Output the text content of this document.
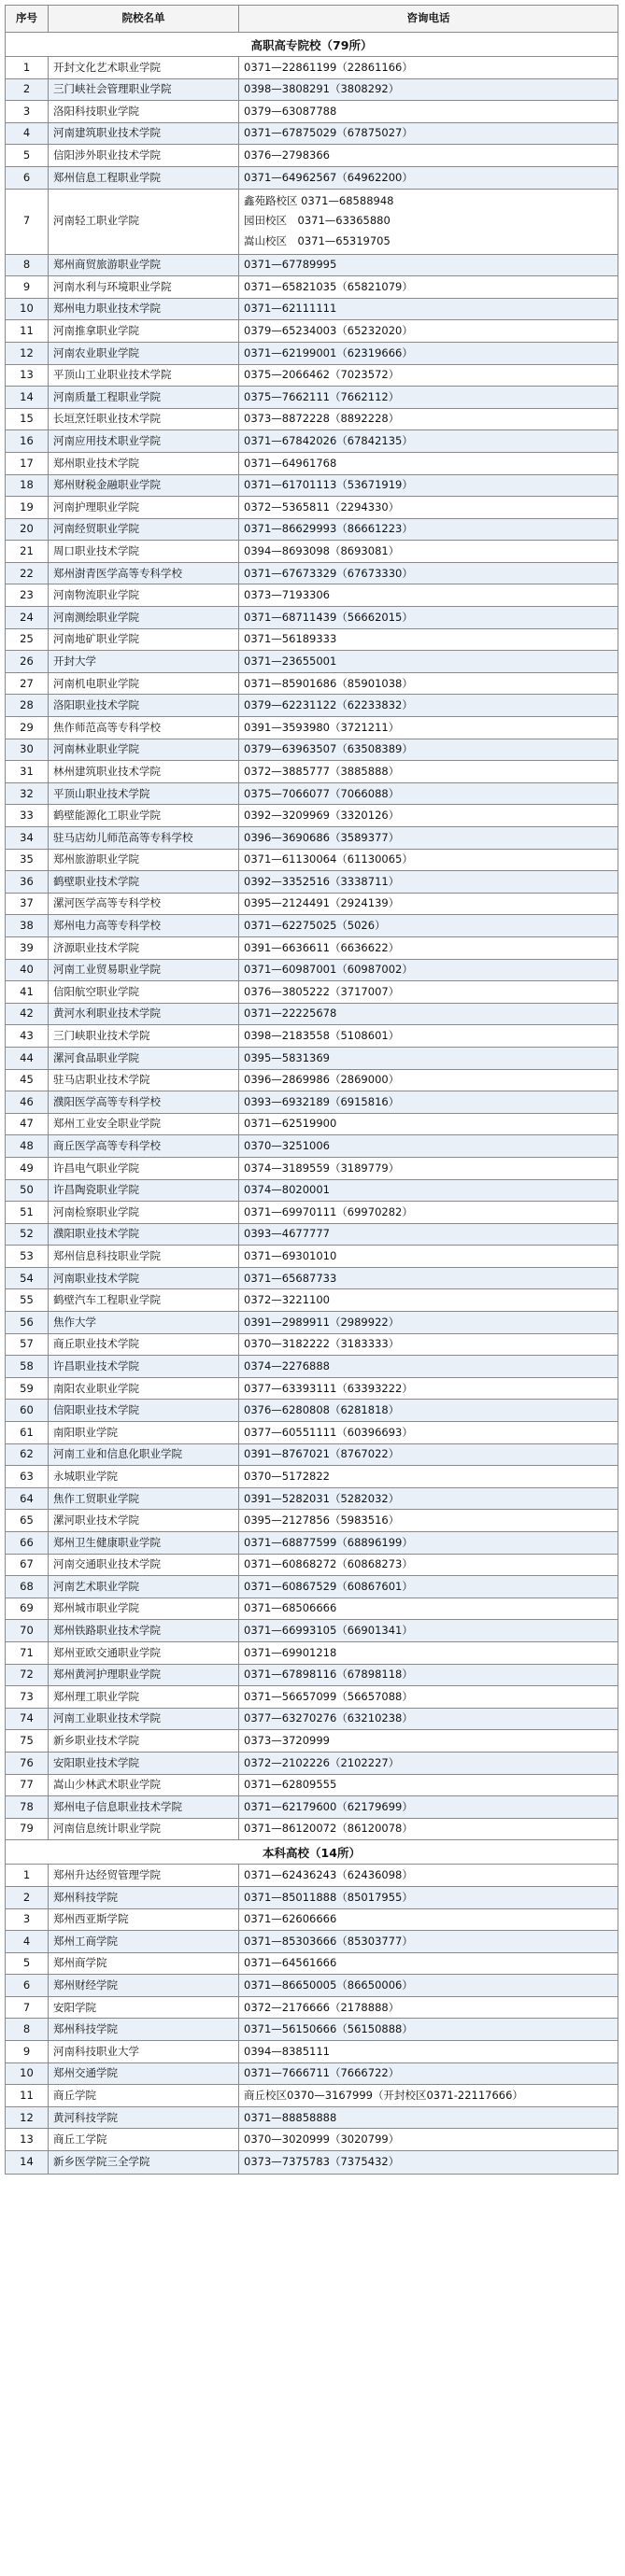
序号	院校名单	咨询电话
高职高专院校（79所）
1	开封文化艺术职业学院	0371—22861199（22861166）
2	三门峡社会管理职业学院	0398—3808291（3808292）
3	洛阳科技职业学院	0379—63087788
4	河南建筑职业技术学院	0371—67875029（67875027）
5	信阳涉外职业技术学院	0376—2798366
6	郑州信息工程职业学院	0371—64962567（64962200）
7	河南轻工职业学院
鑫苑路校区 0371—68588948
园田校区　0371—63365880
嵩山校区　0371—65319705
8	郑州商贸旅游职业学院	0371—67789995
9	河南水利与环境职业学院	0371—65821035（65821079）
10	郑州电力职业技术学院	0371—62111111
11	河南推拿职业学院	0379—65234003（65232020）
12	河南农业职业学院	0371—62199001（62319666）
13	平顶山工业职业技术学院	0375—2066462（7023572）
14	河南质量工程职业学院	0375—7662111（7662112）
15	长垣烹饪职业技术学院	0373—8872228（8892228）
16	河南应用技术职业学院	0371—67842026（67842135）
17	郑州职业技术学院	0371—64961768
18	郑州财税金融职业学院	0371—61701113（53671919）
19	河南护理职业学院	0372—5365811（2294330）
20	河南经贸职业学院	0371—86629993（86661223）
21	周口职业技术学院	0394—8693098（8693081）
22	郑州澍青医学高等专科学校	0371—67673329（67673330）
23	河南物流职业学院	0373—7193306
24	河南测绘职业学院	0371—68711439（56662015）
25	河南地矿职业学院	0371—56189333
26	开封大学	0371—23655001
27	河南机电职业学院	0371—85901686（85901038）
28	洛阳职业技术学院	0379—62231122（62233832）
29	焦作师范高等专科学校	0391—3593980（3721211）
30	河南林业职业学院	0379—63963507（63508389）
31	林州建筑职业技术学院	0372—3885777（3885888）
32	平顶山职业技术学院	0375—7066077（7066088）
33	鹤壁能源化工职业学院	0392—3209969（3320126）
34	驻马店幼儿师范高等专科学校	0396—3690686（3589377）
35	郑州旅游职业学院	0371—61130064（61130065）
36	鹤壁职业技术学院	0392—3352516（3338711）
37	漯河医学高等专科学校	0395—2124491（2924139）
38	郑州电力高等专科学校	0371—62275025（5026）
39	济源职业技术学院	0391—6636611（6636622）
40	河南工业贸易职业学院	0371—60987001（60987002）
41	信阳航空职业学院	0376—3805222（3717007）
42	黄河水利职业技术学院	0371—22225678
43	三门峡职业技术学院	0398—2183558（5108601）
44	漯河食品职业学院	0395—5831369
45	驻马店职业技术学院	0396—2869986（2869000）
46	濮阳医学高等专科学校	0393—6932189（6915816）
47	郑州工业安全职业学院	0371—62519900
48	商丘医学高等专科学校	0370—3251006
49	许昌电气职业学院	0374—3189559（3189779）
50	许昌陶瓷职业学院	0374—8020001
51	河南检察职业学院	0371—69970111（69970282）
52	濮阳职业技术学院	0393—4677777
53	郑州信息科技职业学院	0371—69301010
54	河南职业技术学院	0371—65687733
55	鹤壁汽车工程职业学院	0372—3221100
56	焦作大学	0391—2989911（2989922）
57	商丘职业技术学院	0370—3182222（3183333）
58	许昌职业技术学院	0374—2276888
59	南阳农业职业学院	0377—63393111（63393222）
60	信阳职业技术学院	0376—6280808（6281818）
61	南阳职业学院	0377—60551111（60396693）
62	河南工业和信息化职业学院	0391—8767021（8767022）
63	永城职业学院	0370—5172822
64	焦作工贸职业学院	0391—5282031（5282032）
65	漯河职业技术学院	0395—2127856（5983516）
66	郑州卫生健康职业学院	0371—68877599（68896199）
67	河南交通职业技术学院	0371—60868272（60868273）
68	河南艺术职业学院	0371—60867529（60867601）
69	郑州城市职业学院	0371—68506666
70	郑州铁路职业技术学院	0371—66993105（66901341）
71	郑州亚欧交通职业学院	0371—69901218
72	郑州黄河护理职业学院	0371—67898116（67898118）
73	郑州理工职业学院	0371—56657099（56657088）
74	河南工业职业技术学院	0377—63270276（63210238）
75	新乡职业技术学院	0373—3720999
76	安阳职业技术学院	0372—2102226（2102227）
77	嵩山少林武术职业学院	0371—62809555
78	郑州电子信息职业技术学院	0371—62179600（62179699）
79	河南信息统计职业学院	0371—86120072（86120078）
本科高校（14所）
1	郑州升达经贸管理学院	0371—62436243（62436098）
2	郑州科技学院	0371—85011888（85017955）
3	郑州西亚斯学院	0371—62606666
4	郑州工商学院	0371—85303666（85303777）
5	郑州商学院	0371—64561666
6	郑州财经学院	0371—86650005（86650006）
7	安阳学院	0372—2176666（2178888）
8	郑州科技学院	0371—56150666（56150888）
9	河南科技职业大学	0394—8385111
10	郑州交通学院	0371—7666711（7666722）
11	商丘学院	商丘校区0370—3167999（开封校区0371-22117666）
12	黄河科技学院	0371—88858888
13	商丘工学院	0370—3020999（3020799）
14	新乡医学院三全学院	0373—7375783（7375432）
